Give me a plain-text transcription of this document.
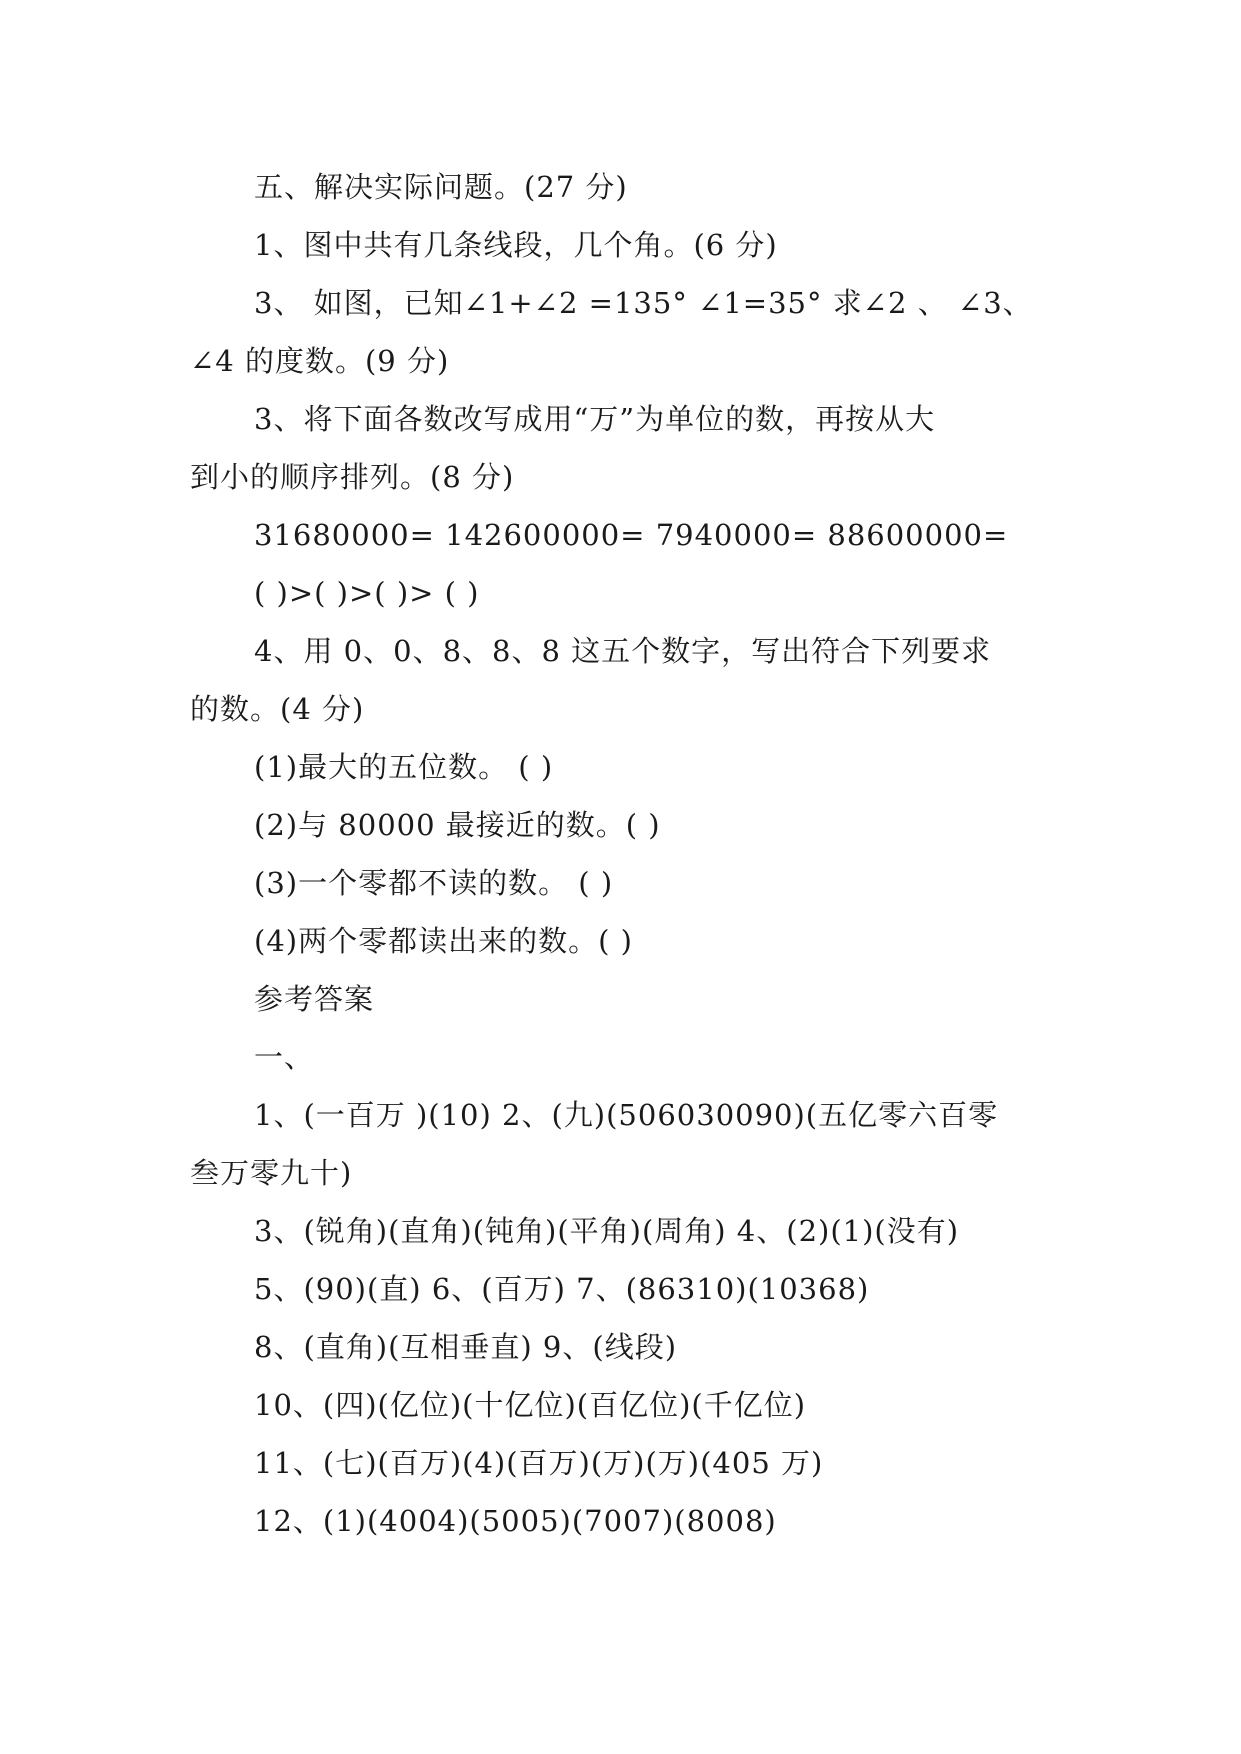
五、解决实际问题。(27 分)
1、图中共有几条线段，几个角。(6 分)
3、 如图，已知∠1+∠2 =135° ∠1=35° 求∠2 、 ∠3、
∠4 的度数。(9 分)
3、将下面各数改写成用“万”为单位的数，再按从大
到小的顺序排列。(8 分)
31680000= 142600000= 7940000= 88600000=
( )>( )>( )> ( )
4、用 0、0、8、8、8 这五个数字，写出符合下列要求
的数。(4 分)
(1)最大的五位数。 ( )
(2)与 80000 最接近的数。( )
(3)一个零都不读的数。 ( )
(4)两个零都读出来的数。( )
参考答案
一、
1、(一百万 )(10) 2、(九)(506030090)(五亿零六百零
叁万零九十)
3、(锐角)(直角)(钝角)(平角)(周角) 4、(2)(1)(没有)
5、(90)(直) 6、(百万) 7、(86310)(10368)
8、(直角)(互相垂直) 9、(线段)
10、(四)(亿位)(十亿位)(百亿位)(千亿位)
11、(七)(百万)(4)(百万)(万)(万)(405 万)
12、(1)(4004)(5005)(7007)(8008)
